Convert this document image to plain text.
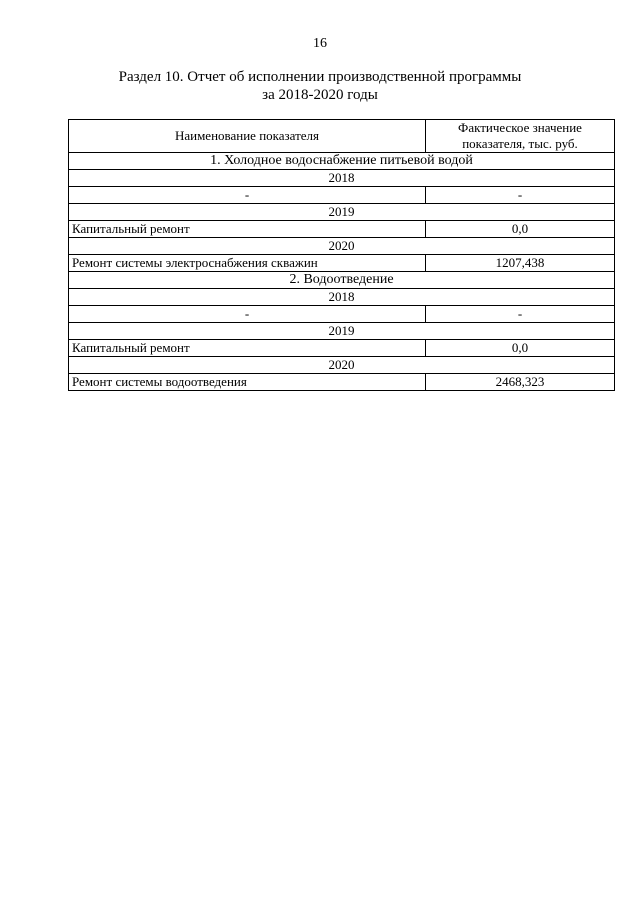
16
Раздел 10. Отчет об исполнении производственной программы
за 2018-2020 годы
Наименование показателя	Фактическое значение
показателя, тыс. руб.

1. Холодное водоснабжение питьевой водой	
2018	
-	-
2019	
Капитальный ремонт	0,0
2020	
Ремонт системы электроснабжения скважин	1207,438
2. Водоотведение	
2018	
-	-
2019	
Капитальный ремонт	0,0
2020	
Ремонт системы водоотведения	2468,323
